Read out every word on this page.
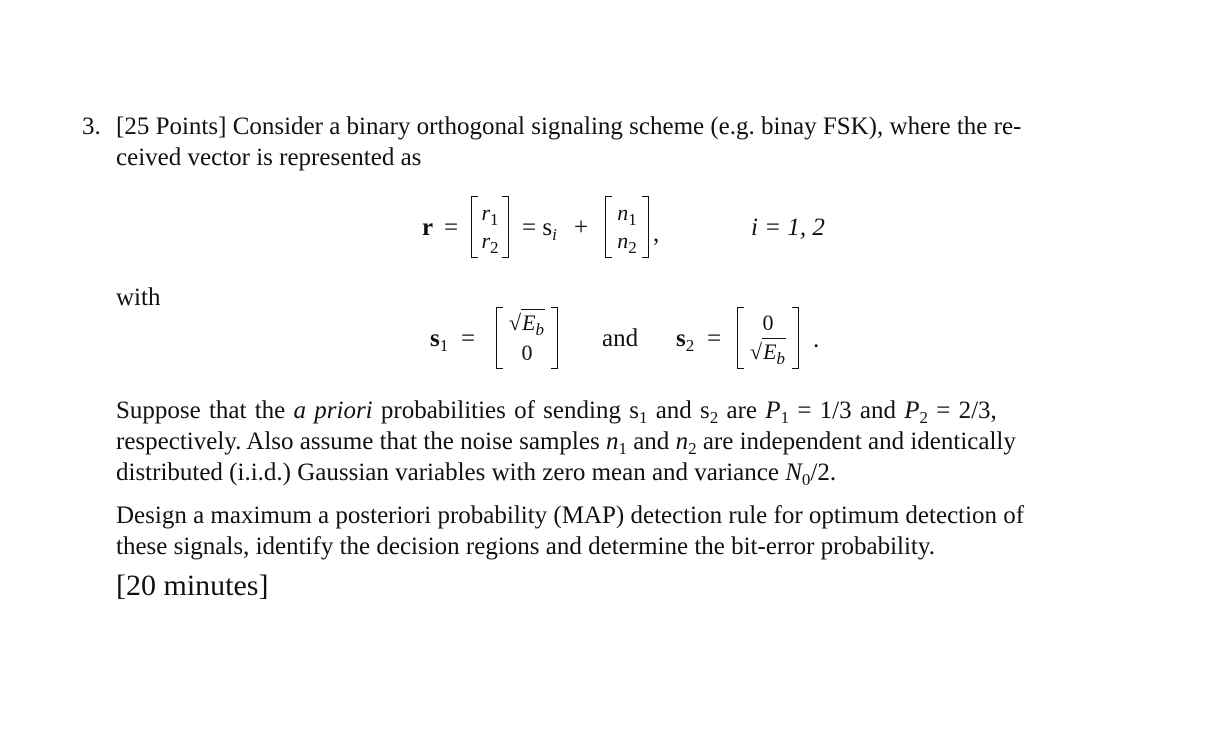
3. [25 Points] Consider a binary orthogonal signaling scheme (e.g. binay FSK), where the re-
ceived vector is represented as
r =
$r_1$
$r_2$
= $s_i$ +
$n_1$
$n_2$
,	i = 1, 2
with
$s_1$ =
$√E_b$
0
and $s_2$ =
0
$√E_b$
.
Suppose that the a priori probabilities of sending $s_1$ and $s_2$ are $P_1 = 1/3$ and $P_2 = 2/3$,
respectively. Also assume that the noise samples $n_1$ and $n_2$ are independent and identically
distributed (i.i.d.) Gaussian variables with zero mean and variance $N_0/2$.
Design a maximum a posteriori probability (MAP) detection rule for optimum detection of
these signals, identify the decision regions and determine the bit-error probability.
[20 minutes]
